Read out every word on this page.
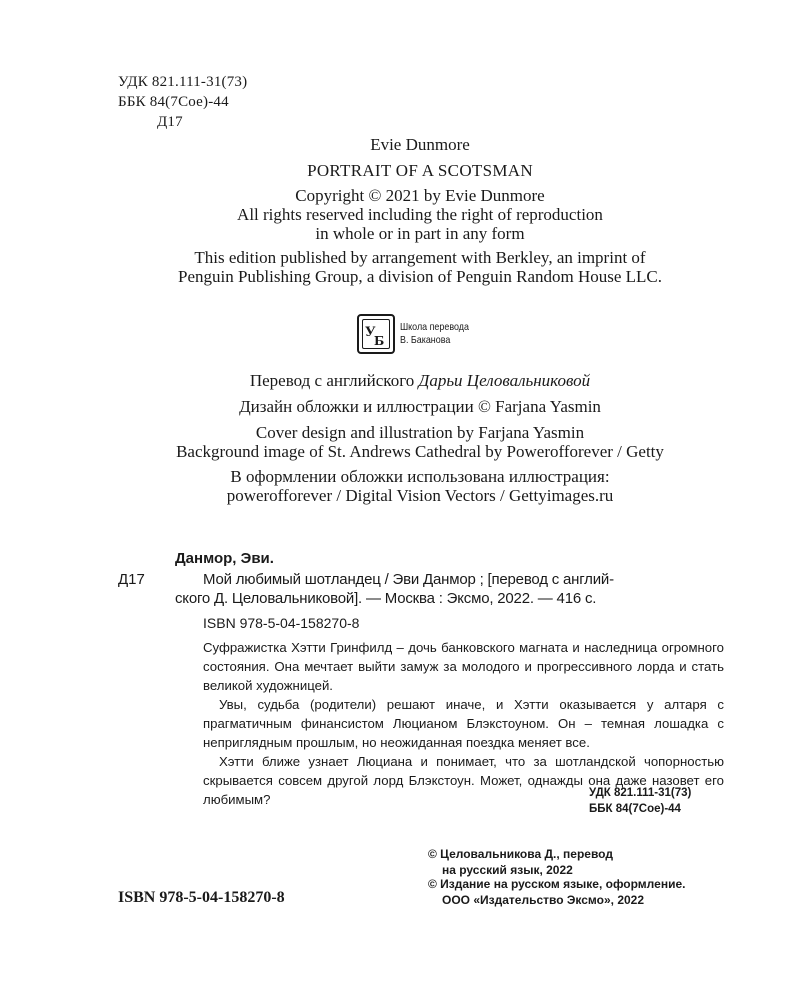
УДК 821.111-31(73)
ББК 84(7Сое)-44
Д17
Evie Dunmore
PORTRAIT OF A SCOTSMAN
Copyright © 2021 by Evie Dunmore
All rights reserved including the right of reproduction
in whole or in part in any form
This edition published by arrangement with Berkley, an imprint of
Penguin Publishing Group, a division of Penguin Random House LLC.
У
Б
Школа перевода
В. Баканова
Перевод с английского Дарьи Целовальниковой
Дизайн обложки и иллюстрации © Farjana Yasmin
Cover design and illustration by Farjana Yasmin
Background image of St. Andrews Cathedral by Powerofforever / Getty
В оформлении обложки использована иллюстрация:
powerofforever / Digital Vision Vectors / Gettyimages.ru
Данмор, Эви.
Д17	Мой любимый шотландец / Эви Данмор ; [перевод с англий-
ского Д. Целовальниковой]. — Москва : Эксмо, 2022. — 416 с.
ISBN 978-5-04-158270-8

Суфражистка Хэтти Гринфилд – дочь банковского магната и наследница огромного состояния. Она мечтает выйти замуж за молодого и прогрессивного лорда и стать великой художницей.

Увы, судьба (родители) решают иначе, и Хэтти оказывается у алтаря с прагматичным финансистом Люцианом Блэкстоуном. Он – темная лошадка с неприглядным прошлым, но неожиданная поездка меняет все.

Хэтти ближе узнает Люциана и понимает, что за шотландской чопорностью скрывается совсем другой лорд Блэкстоун. Может, однажды она даже назовет его любимым?	УДК 821.111-31(73)
ББК 84(7Сое)-44
© Целовальникова Д., перевод
на русский язык, 2022
© Издание на русском языке, оформление.
ООО «Издательство Эксмо», 2022
ISBN 978-5-04-158270-8
